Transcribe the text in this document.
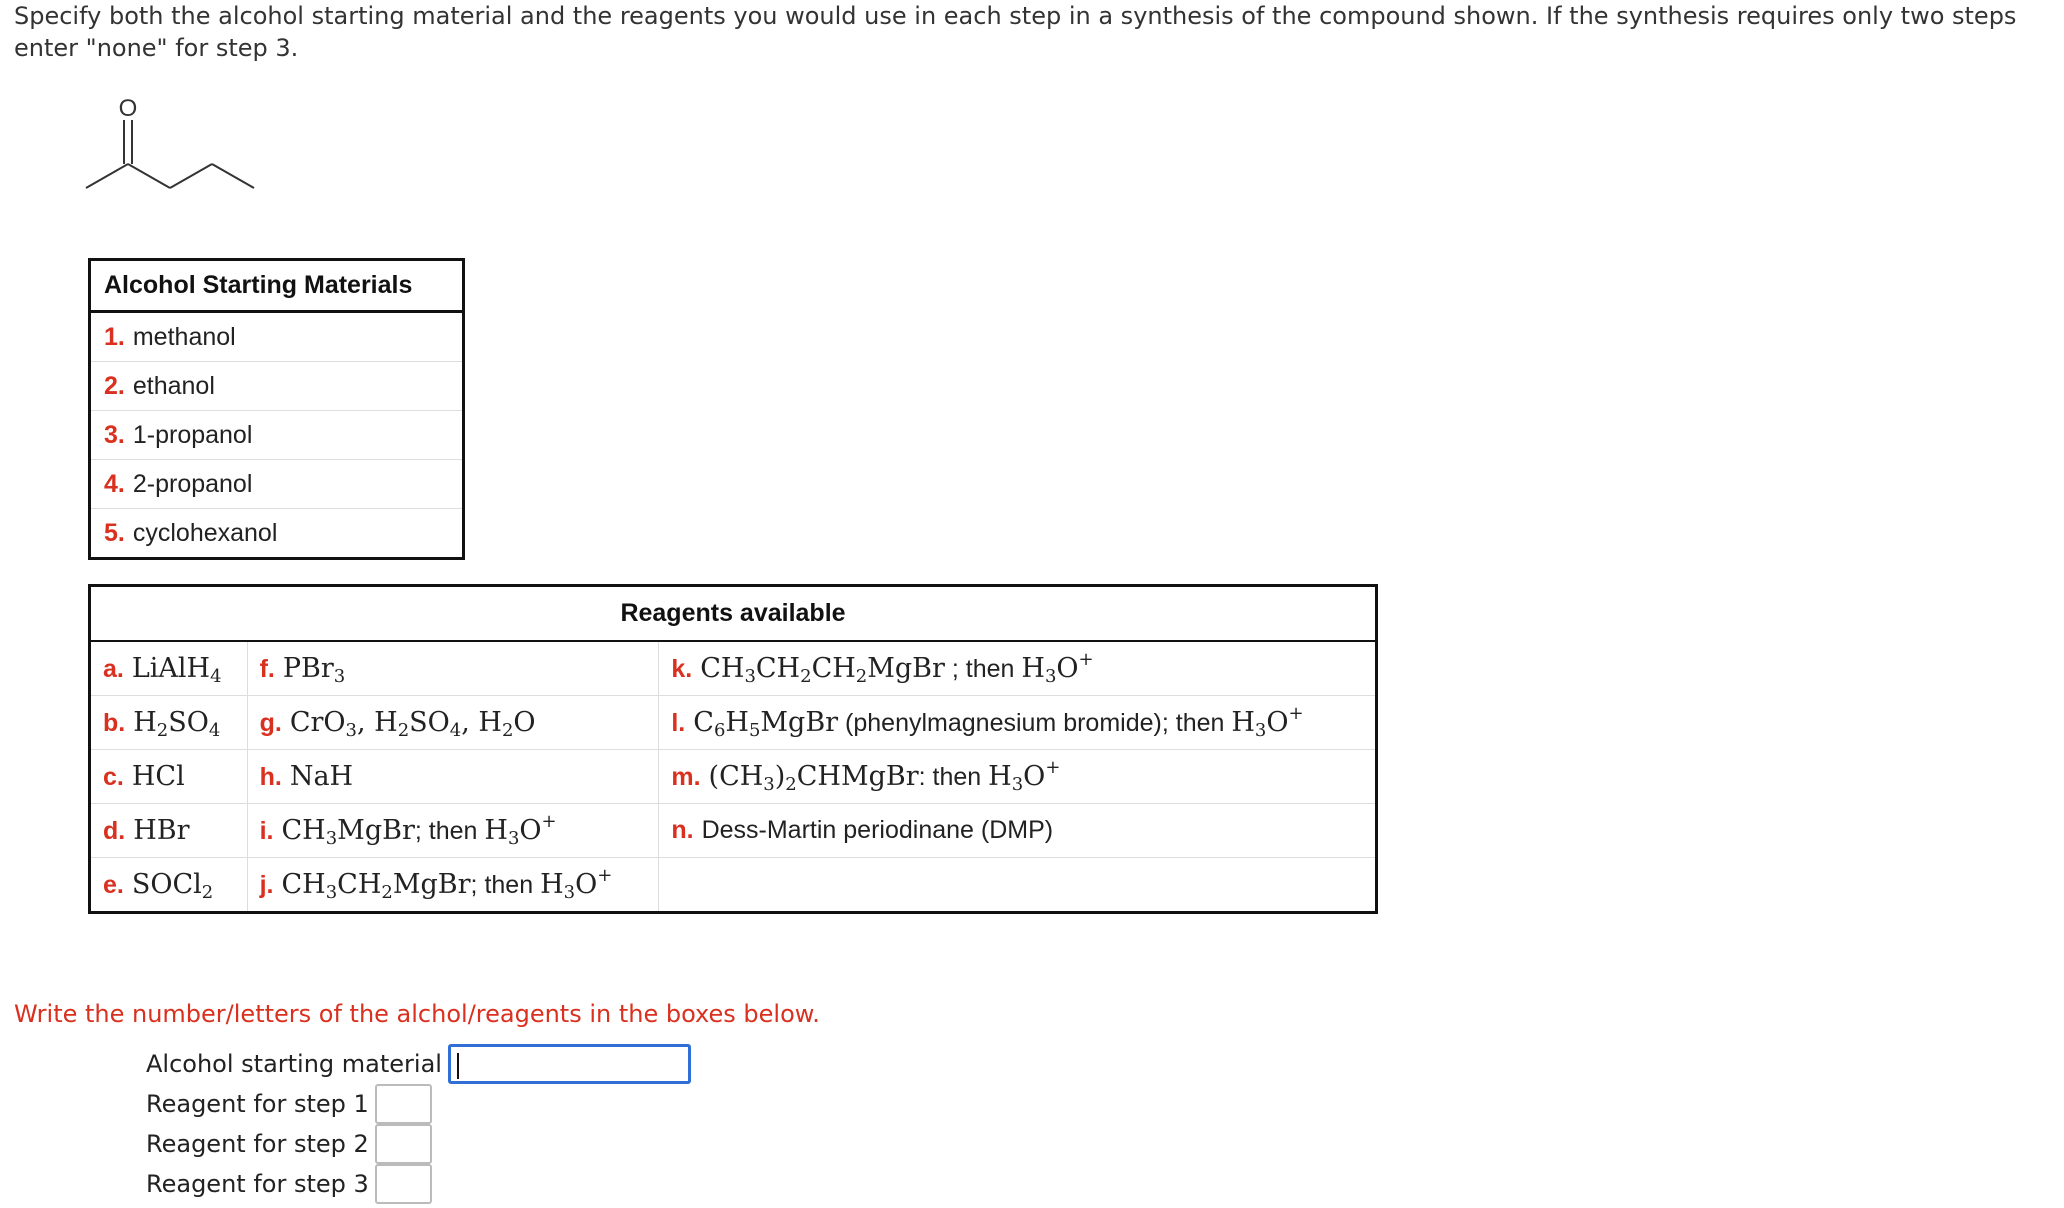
Specify both the alcohol starting material and the reagents you would use in each step in a synthesis of the compound shown. If the synthesis requires only two steps enter "none" for step 3.
O
Alcohol Starting Materials
1. methanol
2. ethanol
3. 1-propanol
4. 2-propanol
5. cyclohexanol
Reagents available		
a. LiAlH$_4$	f. PBr$_3$	k. $CH_3CH_2CH_2MgBr$ ; then $H_3O^+$
b. $H_2SO_4$	g. CrO$_3$, $H_2SO_4$, $H_2O$	l. $C_6H_5MgBr$ (phenylmagnesium bromide); then $H_3O^+$
c. HCl	h. NaH	m. $(CH_3)_2CHMgBr$: then $H_3O^+$
d. HBr	i. $CH_3MgBr$; then $H_3O^+$	n. Dess-Martin periodinane (DMP)
e. SOCl$_2$	j. $CH_3CH_2MgBr$; then $H_3O^+$	
Write the number/letters of the alchol/reagents in the boxes below.
Alcohol starting material
Reagent for step 1
Reagent for step 2
Reagent for step 3
